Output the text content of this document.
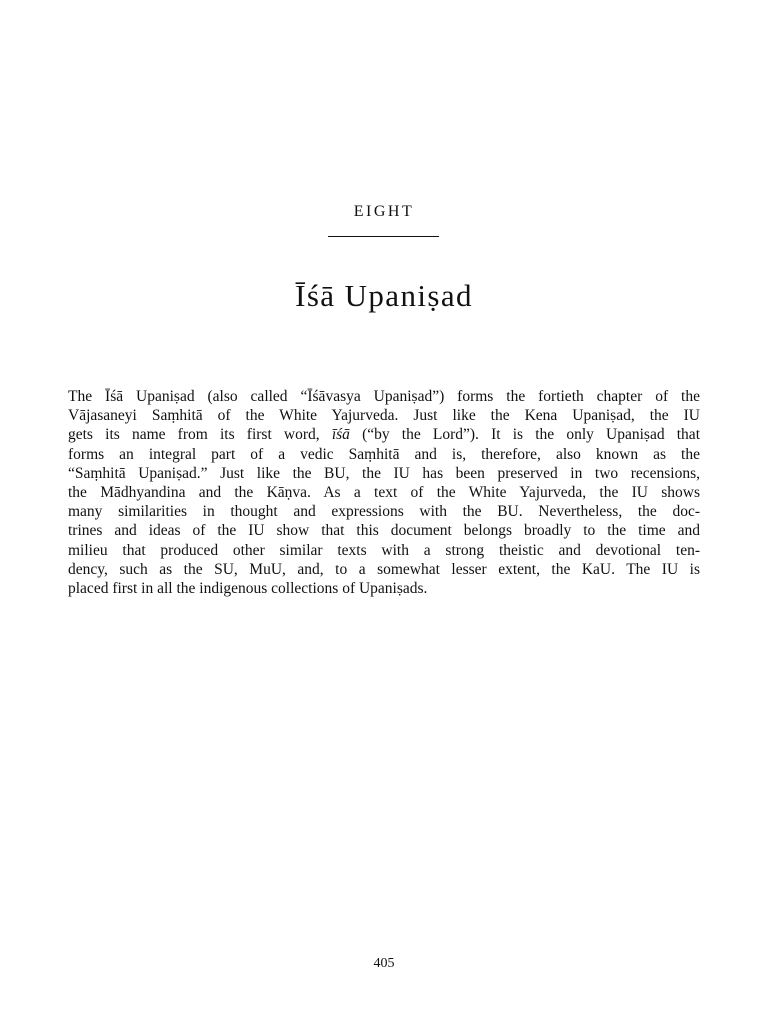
EIGHT
Īśā Upaniṣad
The Īśā Upaniṣad (also called “Īśāvasya Upaniṣad”) forms the fortieth chapter of the
Vājasaneyi Saṃhitā of the White Yajurveda. Just like the Kena Upaniṣad, the IU
gets its name from its first word, īśā (“by the Lord”). It is the only Upaniṣad that
forms an integral part of a vedic Saṃhitā and is, therefore, also known as the
“Saṃhitā Upaniṣad.” Just like the BU, the IU has been preserved in two recensions,
the Mādhyandina and the Kāṇva. As a text of the White Yajurveda, the IU shows
many similarities in thought and expressions with the BU. Nevertheless, the doc-
trines and ideas of the IU show that this document belongs broadly to the time and
milieu that produced other similar texts with a strong theistic and devotional ten-
dency, such as the SU, MuU, and, to a somewhat lesser extent, the KaU. The IU is
placed first in all the indigenous collections of Upaniṣads.
405
